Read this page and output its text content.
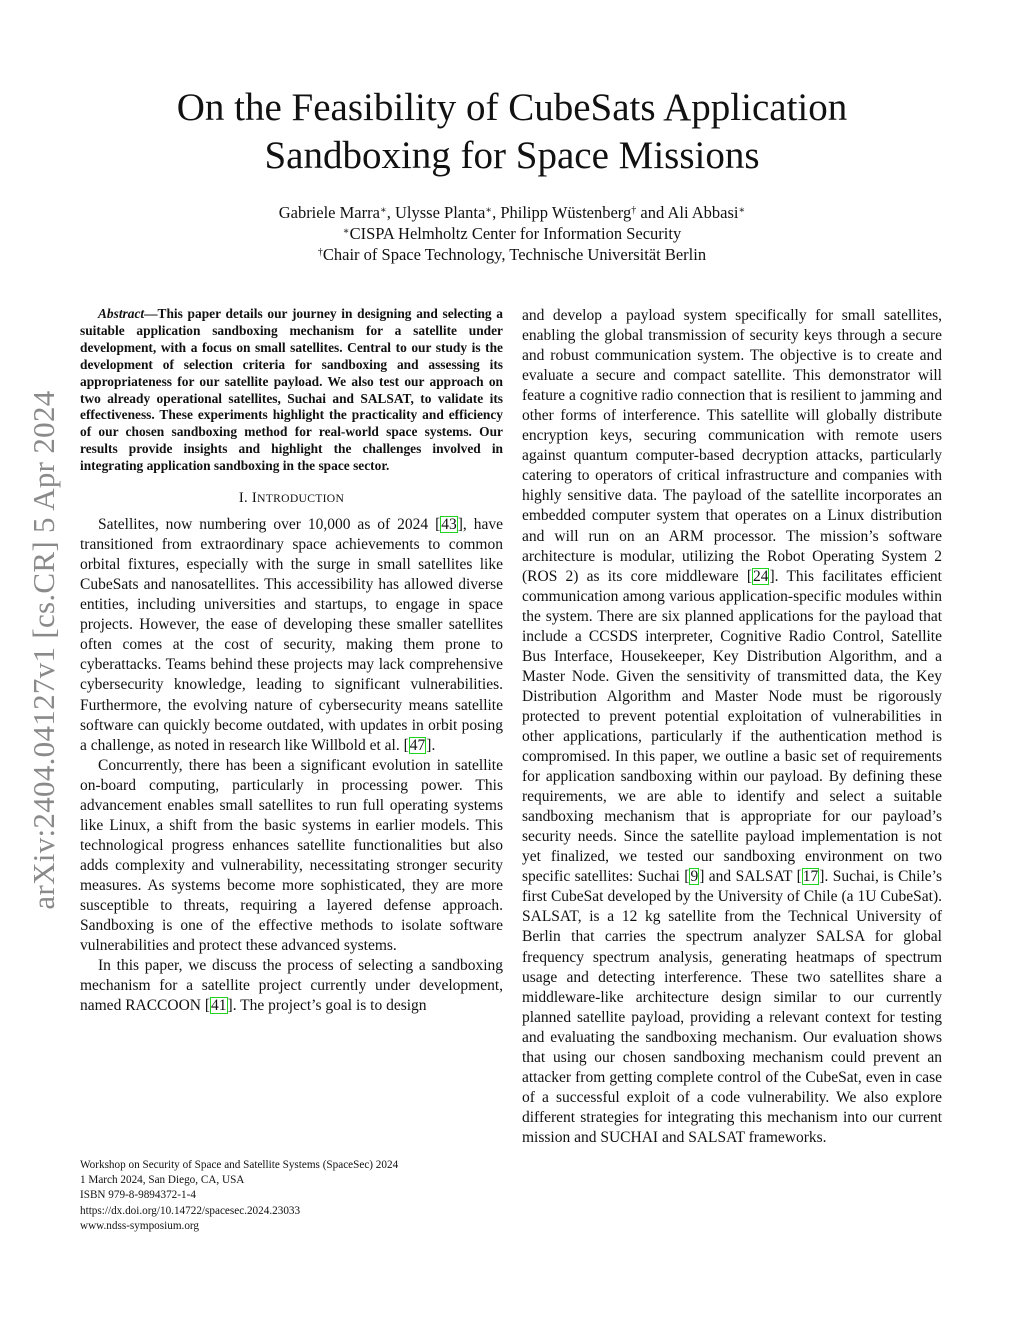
arXiv:2404.04127v1 [cs.CR] 5 Apr 2024
On the Feasibility of CubeSats Application
Sandboxing for Space Missions
Gabriele Marra∗, Ulysse Planta∗, Philipp Wüstenberg† and Ali Abbasi∗
∗CISPA Helmholtz Center for Information Security
†Chair of Space Technology, Technische Universität Berlin

Abstract—This paper details our journey in designing and selecting a suitable application sandboxing mechanism for a satellite under development, with a focus on small satellites. Central to our study is the development of selection criteria for sandboxing and assessing its appropriateness for our satellite payload. We also test our approach on two already operational satellites, Suchai and SALSAT, to validate its effectiveness. These experiments highlight the practicality and efficiency of our chosen sandboxing method for real-world space systems. Our results provide insights and highlight the challenges involved in integrating application sandboxing in the space sector.

I. INTRODUCTION

Satellites, now numbering over 10,000 as of 2024 [43], have transitioned from extraordinary space achievements to common orbital fixtures, especially with the surge in small satellites like CubeSats and nanosatellites. This accessibility has allowed diverse entities, including universities and startups, to engage in space projects. However, the ease of developing these smaller satellites often comes at the cost of security, making them prone to cyberattacks. Teams behind these projects may lack comprehensive cybersecurity knowledge, leading to significant vulnerabilities. Furthermore, the evolving nature of cybersecurity means satellite software can quickly become outdated, with updates in orbit posing a challenge, as noted in research like Willbold et al. [47].

Concurrently, there has been a significant evolution in satellite on-board computing, particularly in processing power. This advancement enables small satellites to run full operating systems like Linux, a shift from the basic systems in earlier models. This technological progress enhances satellite functionalities but also adds complexity and vulnerability, necessitating stronger security measures. As systems become more sophisticated, they are more susceptible to threats, requiring a layered defense approach. Sandboxing is one of the effective methods to isolate software vulnerabilities and protect these advanced systems.

In this paper, we discuss the process of selecting a sandboxing mechanism for a satellite project currently under development, named RACCOON [41]. The project’s goal is to design

and develop a payload system specifically for small satellites, enabling the global transmission of security keys through a secure and robust communication system. The objective is to create and evaluate a secure and compact satellite. This demonstrator will feature a cognitive radio connection that is resilient to jamming and other forms of interference. This satellite will globally distribute encryption keys, securing communication with remote users against quantum computer-based decryption attacks, particularly catering to operators of critical infrastructure and companies with highly sensitive data. The payload of the satellite incorporates an embedded computer system that operates on a Linux distribution and will run on an ARM processor. The mission’s software architecture is modular, utilizing the Robot Operating System 2 (ROS 2) as its core middleware [24]. This facilitates efficient communication among various application-specific modules within the system. There are six planned applications for the payload that include a CCSDS interpreter, Cognitive Radio Control, Satellite Bus Interface, Housekeeper, Key Distribution Algorithm, and a Master Node. Given the sensitivity of transmitted data, the Key Distribution Algorithm and Master Node must be rigorously protected to prevent potential exploitation of vulnerabilities in other applications, particularly if the authentication method is compromised. In this paper, we outline a basic set of requirements for application sandboxing within our payload. By defining these requirements, we are able to identify and select a suitable sandboxing mechanism that is appropriate for our payload’s security needs. Since the satellite payload implementation is not yet finalized, we tested our sandboxing environment on two specific satellites: Suchai [9] and SALSAT [17]. Suchai, is Chile’s first CubeSat developed by the University of Chile (a 1U CubeSat). SALSAT, is a 12 kg satellite from the Technical University of Berlin that carries the spectrum analyzer SALSA for global frequency spectrum analysis, generating heatmaps of spectrum usage and detecting interference. These two satellites share a middleware-like architecture design similar to our currently planned satellite payload, providing a relevant context for testing and evaluating the sandboxing mechanism. Our evaluation shows that using our chosen sandboxing mechanism could prevent an attacker from getting complete control of the CubeSat, even in case of a successful exploit of a code vulnerability. We also explore different strategies for integrating this mechanism into our current mission and SUCHAI and SALSAT frameworks.

Workshop on Security of Space and Satellite Systems (SpaceSec) 2024
1 March 2024, San Diego, CA, USA
ISBN 979-8-9894372-1-4
https://dx.doi.org/10.14722/spacesec.2024.23033
www.ndss-symposium.org
